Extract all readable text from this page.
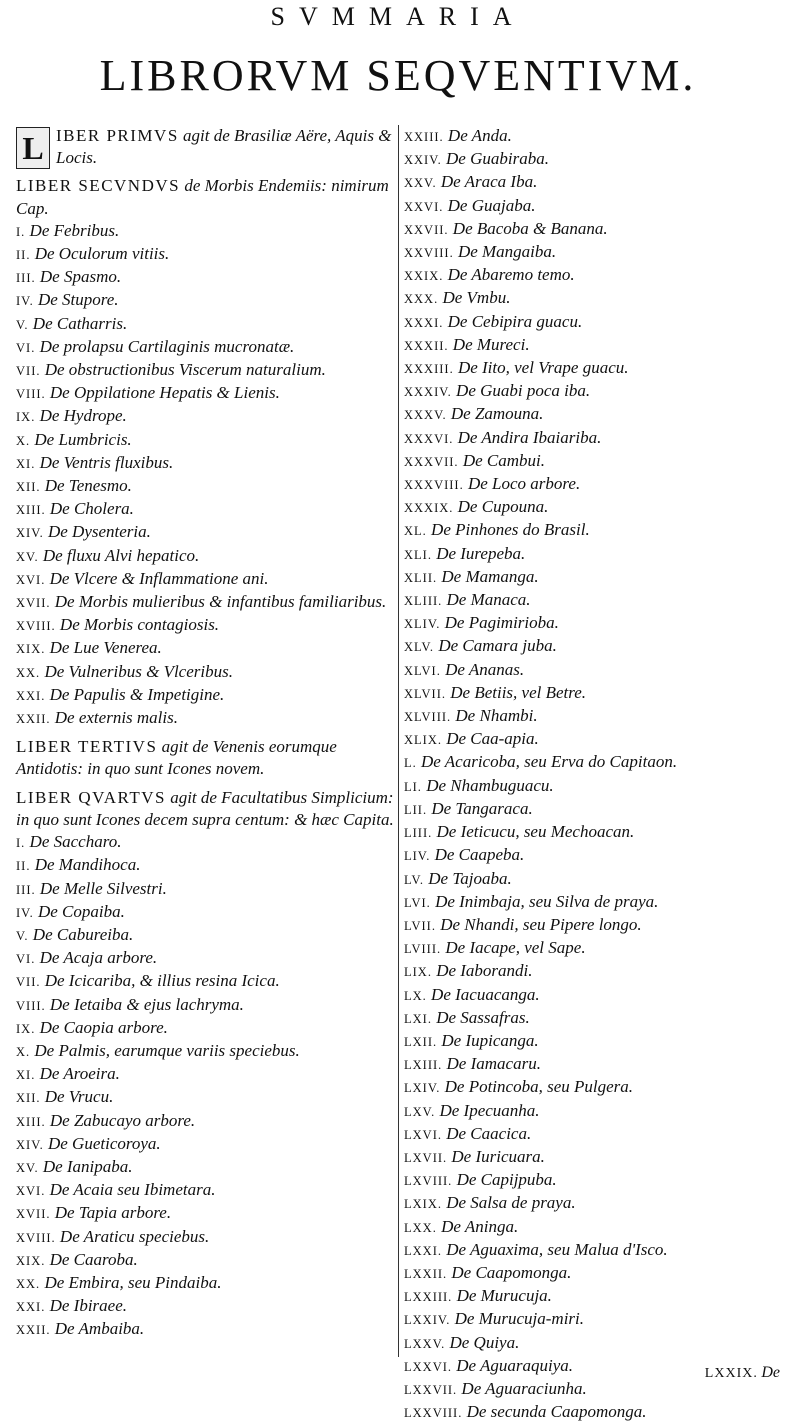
SVMMARIA
LIBRORVM SEQVENTIVM.
L IBER PRIMVS agit de Brasiliæ Aëre, Aquis & Locis.
LIBER SECVNDVS de Morbis Endemiis: nimirum Cap.
I. De Febribus.
II. De Oculorum vitiis.
III. De Spasmo.
IV. De Stupore.
V. De Catharris.
VI. De prolapsu Cartilaginis mucronatæ.
VII. De obstructionibus Viscerum naturalium.
VIII. De Oppilatione Hepatis & Lienis.
IX. De Hydrope.
X. De Lumbricis.
XI. De Ventris fluxibus.
XII. De Tenesmo.
XIII. De Cholera.
XIV. De Dysenteria.
XV. De fluxu Alvi hepatico.
XVI. De Vlcere & Inflammatione ani.
XVII. De Morbis mulieribus & infantibus familiaribus.
XVIII. De Morbis contagiosis.
XIX. De Lue Venerea.
XX. De Vulneribus & Vlceribus.
XXI. De Papulis & Impetigine.
XXII. De externis malis.
LIBER TERTIVS agit de Venenis eorumque Antidotis: in quo sunt Icones novem.
LIBER QVARTVS agit de Facultatibus Simplicium: in quo sunt Icones decem supra centum: & hæc Capita.
I. De Saccharo.
II. De Mandihoca.
III. De Melle Silvestri.
IV. De Copaiba.
V. De Cabureiba.
VI. De Acaja arbore.
VII. De Icicariba, & illius resina Icica.
VIII. De Ietaiba & ejus lachryma.
IX. De Caopia arbore.
X. De Palmis, earumque variis speciebus.
XI. De Aroeira.
XII. De Vrucu.
XIII. De Zabucayo arbore.
XIV. De Gueticoroya.
XV. De Ianipaba.
XVI. De Acaia seu Ibimetara.
XVII. De Tapia arbore.
XVIII. De Araticu speciebus.
XIX. De Caaroba.
XX. De Embira, seu Pindaiba.
XXI. De Ibiraee.
XXII. De Ambaiba.
XXIII. De Anda.
XXIV. De Guabiraba.
XXV. De Araca Iba.
XXVI. De Guajaba.
XXVII. De Bacoba & Banana.
XXVIII. De Mangaiba.
XXIX. De Abaremo temo.
XXX. De Vmbu.
XXXI. De Cebipira guacu.
XXXII. De Mureci.
XXXIII. De Iito, vel Vrape guacu.
XXXIV. De Guabi poca iba.
XXXV. De Zamouna.
XXXVI. De Andira Ibaiariba.
XXXVII. De Cambui.
XXXVIII. De Loco arbore.
XXXIX. De Cupouna.
XL. De Pinhones do Brasil.
XLI. De Iurepeba.
XLII. De Mamanga.
XLIII. De Manaca.
XLIV. De Pagimirioba.
XLV. De Camara juba.
XLVI. De Ananas.
XLVII. De Betiis, vel Betre.
XLVIII. De Nhambi.
XLIX. De Caa-apia.
L. De Acaricoba, seu Erva do Capitaon.
LI. De Nhambuguacu.
LII. De Tangaraca.
LIII. De Ieticucu, seu Mechoacan.
LIV. De Caapeba.
LV. De Tajoaba.
LVI. De Inimbaja, seu Silva de praya.
LVII. De Nhandi, seu Pipere longo.
LVIII. De Iacape, vel Sape.
LIX. De Iaborandi.
LX. De Iacuacanga.
LXI. De Sassafras.
LXII. De Iupicanga.
LXIII. De Iamacaru.
LXIV. De Potincoba, seu Pulgera.
LXV. De Ipecuanha.
LXVI. De Caacica.
LXVII. De Iuricuara.
LXVIII. De Capijpuba.
LXIX. De Salsa de praya.
LXX. De Aninga.
LXXI. De Aguaxima, seu Malua d'Isco.
LXXII. De Caapomonga.
LXXIII. De Murucuja.
LXXIV. De Murucuja-miri.
LXXV. De Quiya.
LXXVI. De Aguaraquiya.
LXXVII. De Aguaraciunha.
LXXVIII. De secunda Caapomonga.
LXXIX. De
